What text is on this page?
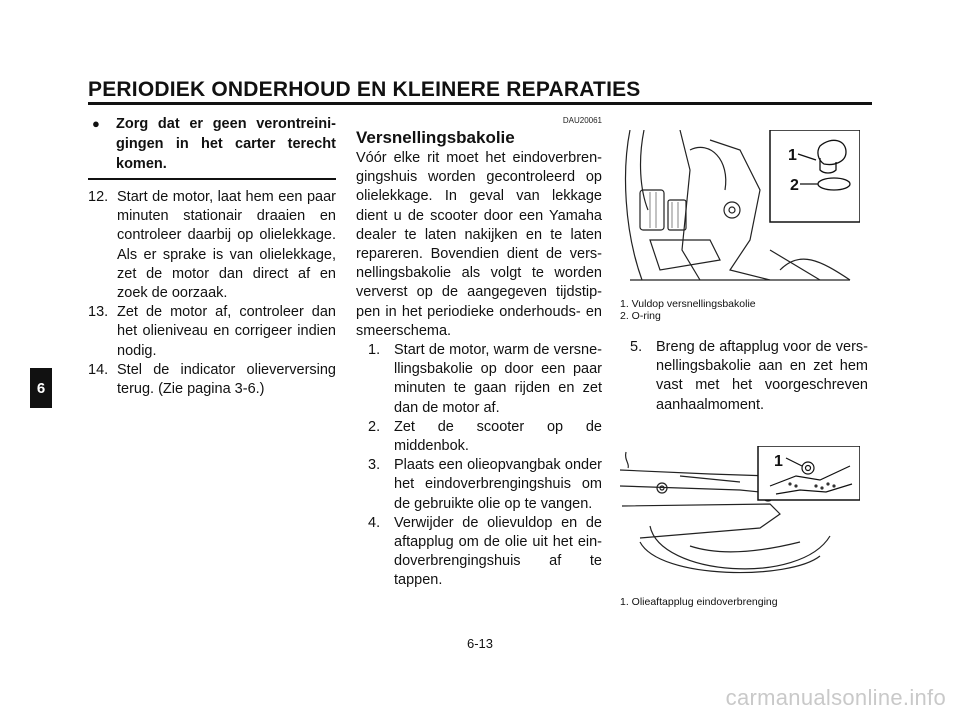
PERIODIEK ONDERHOUD EN KLEINERE REPARATIES
6
●	Zorg dat er geen verontreini-gingen in het carter terecht komen.
12. Start de motor, laat hem een paar minuten stationair draaien en controleer daarbij op olielekkage. Als er sprake is van olielekkage, zet de motor dan direct af en zoek de oorzaak.
13. Zet de motor af, controleer dan het olieniveau en corrigeer indien nodig.
14. Stel de indicator olieverversing terug. (Zie pagina 3-6.)
DAU20061
Versnellingsbakolie
Vóór elke rit moet het eindoverbren-gingshuis worden gecontroleerd op olielekkage. In geval van lekkage dient u de scooter door een Yamaha dealer te laten nakijken en te laten repareren. Bovendien dient de vers-nellingsbakolie als volgt te worden ververst op de aangegeven tijdstip-pen in het periodieke onderhouds- en smeerschema.
1. Start de motor, warm de versne-llingsbakolie op door een paar minuten te gaan rijden en zet dan de motor af.
2. Zet de scooter op de middenbok.
3. Plaats een olieopvangbak onder het eindoverbrengingshuis om de gebruikte olie op te vangen.
4. Verwijder de olievuldop en de aftapplug om de olie uit het ein-doverbrengingshuis af te tappen.
1
2
1. Vuldop versnellingsbakolie
2. O-ring
5. Breng de aftapplug voor de vers-nellingsbakolie aan en zet hem vast met het voorgeschreven aanhaalmoment.
1
1. Olieaftapplug eindoverbrenging
6-13
carmanualsonline.info
